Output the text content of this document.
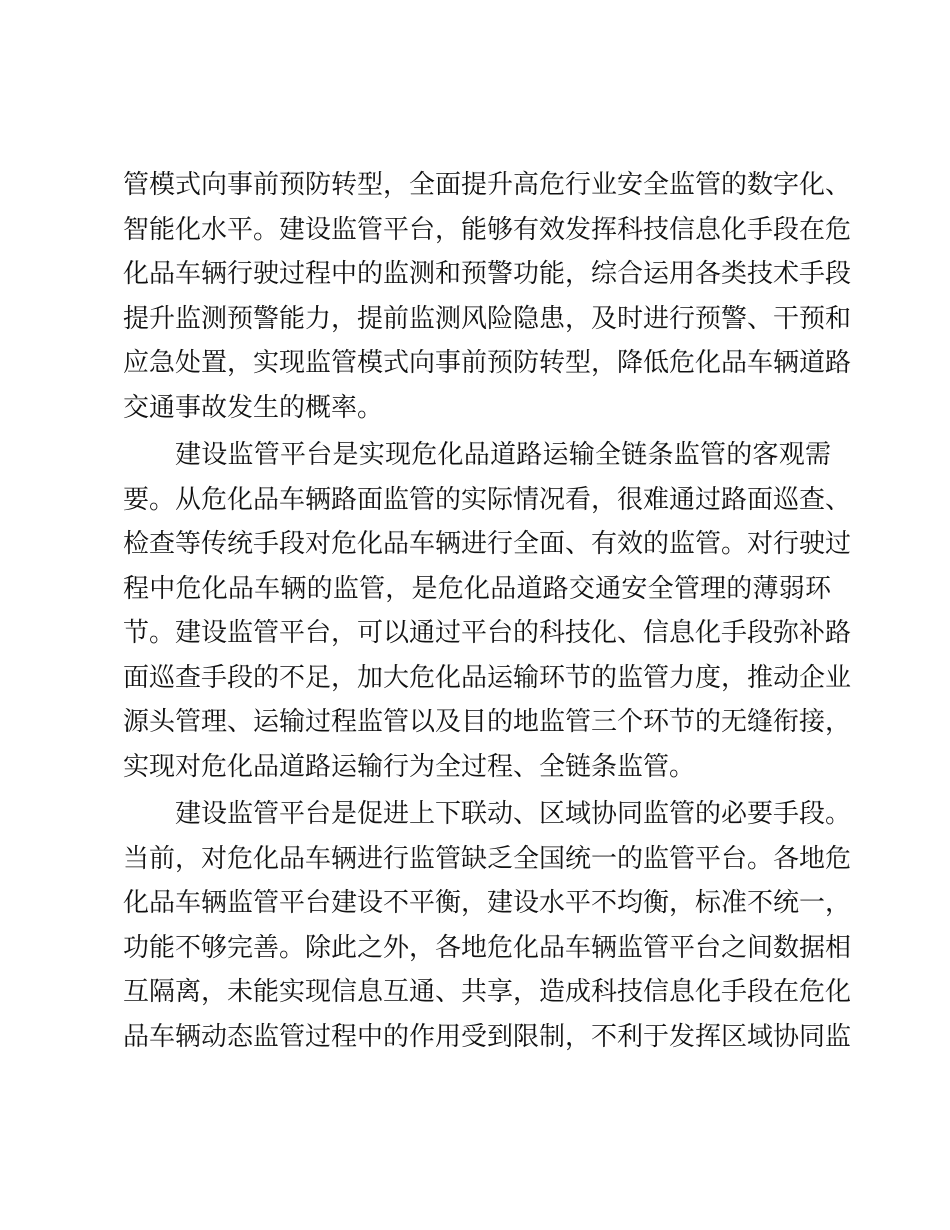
管模式向事前预防转型，全面提升高危行业安全监管的数字化、
智能化水平。建设监管平台，能够有效发挥科技信息化手段在危
化品车辆行驶过程中的监测和预警功能，综合运用各类技术手段
提升监测预警能力，提前监测风险隐患，及时进行预警、干预和
应急处置，实现监管模式向事前预防转型，降低危化品车辆道路
交通事故发生的概率。
建设监管平台是实现危化品道路运输全链条监管的客观需
要。从危化品车辆路面监管的实际情况看，很难通过路面巡查、
检查等传统手段对危化品车辆进行全面、有效的监管。对行驶过
程中危化品车辆的监管，是危化品道路交通安全管理的薄弱环
节。建设监管平台，可以通过平台的科技化、信息化手段弥补路
面巡查手段的不足，加大危化品运输环节的监管力度，推动企业
源头管理、运输过程监管以及目的地监管三个环节的无缝衔接，
实现对危化品道路运输行为全过程、全链条监管。
建设监管平台是促进上下联动、区域协同监管的必要手段。
当前，对危化品车辆进行监管缺乏全国统一的监管平台。各地危
化品车辆监管平台建设不平衡，建设水平不均衡，标准不统一，
功能不够完善。除此之外，各地危化品车辆监管平台之间数据相
互隔离，未能实现信息互通、共享，造成科技信息化手段在危化
品车辆动态监管过程中的作用受到限制，不利于发挥区域协同监
